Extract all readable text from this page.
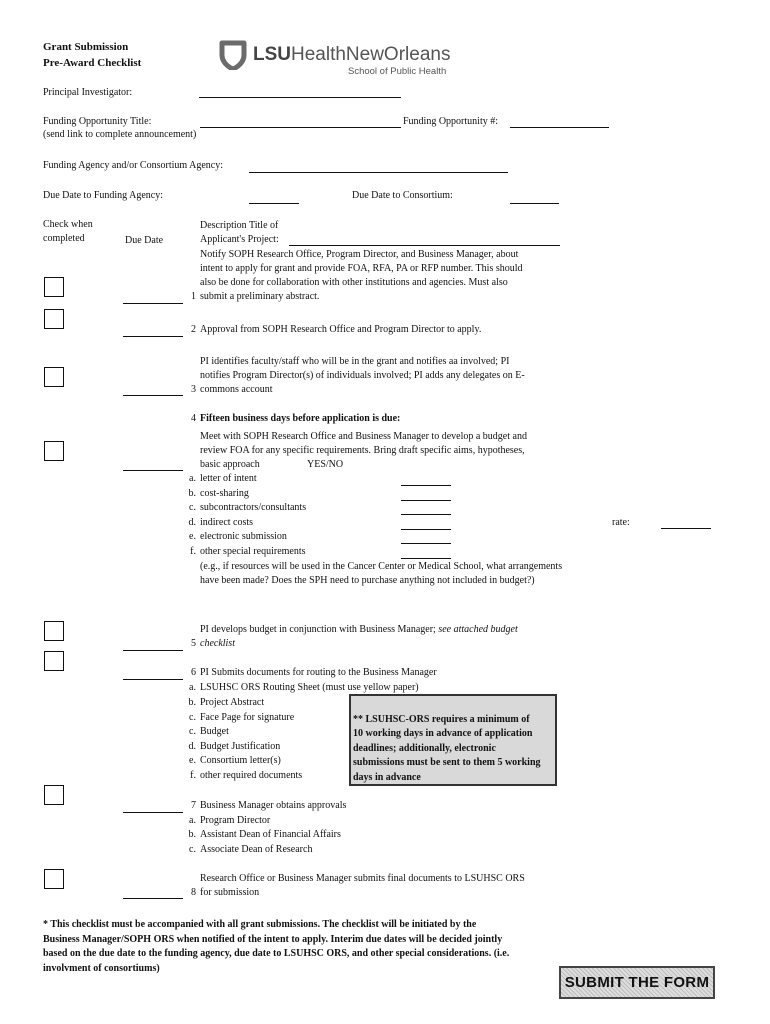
Grant Submission
Pre-Award Checklist	LSUHealthNewOrleans
School of Public Health
Principal Investigator:
Funding Opportunity Title:	Funding Opportunity #:
(send link to complete announcement)
Funding Agency and/or Consortium Agency:
Due Date to Funding Agency:	Due Date to Consortium:
Check when
completed	Due Date
Description Title of
Applicant's Project:
1
Notify SOPH Research Office, Program Director, and Business Manager, about
intent to apply for grant and provide FOA, RFA, PA or RFP number. This should
also be done for collaboration with other institutions and agencies. Must also
submit a preliminary abstract.
2 Approval from SOPH Research Office and Program Director to apply.
3
PI identifies faculty/staff who will be in the grant and notifies aa involved; PI
notifies Program Director(s) of individuals involved; PI adds any delegates on E-
commons account
4 Fifteen business days before application is due:
Meet with SOPH Research Office and Business Manager to develop a budget and
review FOA for any specific requirements. Bring draft specific aims, hypotheses,
basic approach	YES/NO
a. letter of intent
b. cost-sharing
c. subcontractors/consultants
d. indirect costs	rate:
e. electronic submission
f. other special requirements
(e.g., if resources will be used in the Cancer Center or Medical School, what arrangements
have been made? Does the SPH need to purchase anything not included in budget?)
5
PI develops budget in conjunction with Business Manager; see attached budget
checklist
6 PI Submits documents for routing to the Business Manager
a. LSUHSC ORS Routing Sheet (must use yellow paper)
b. Project Abstract
c. Face Page for signature
c. Budget
d. Budget Justification
e. Consortium letter(s)
f. other required documents
** LSUHSC-ORS requires a minimum of
10 working days in advance of application
deadlines; additionally, electronic
submissions must be sent to them 5 working
days in advance
7 Business Manager obtains approvals
a. Program Director
b. Assistant Dean of Financial Affairs
c. Associate Dean of Research
8
Research Office or Business Manager submits final documents to LSUHSC ORS
for submission
* This checklist must be accompanied with all grant submissions. The checklist will be initiated by the
Business Manager/SOPH ORS when notified of the intent to apply. Interim due dates will be decided jointly
based on the due date to the funding agency, due date to LSUHSC ORS, and other special considerations. (i.e.
involvment of consortiums)
SUBMIT THE FORM
